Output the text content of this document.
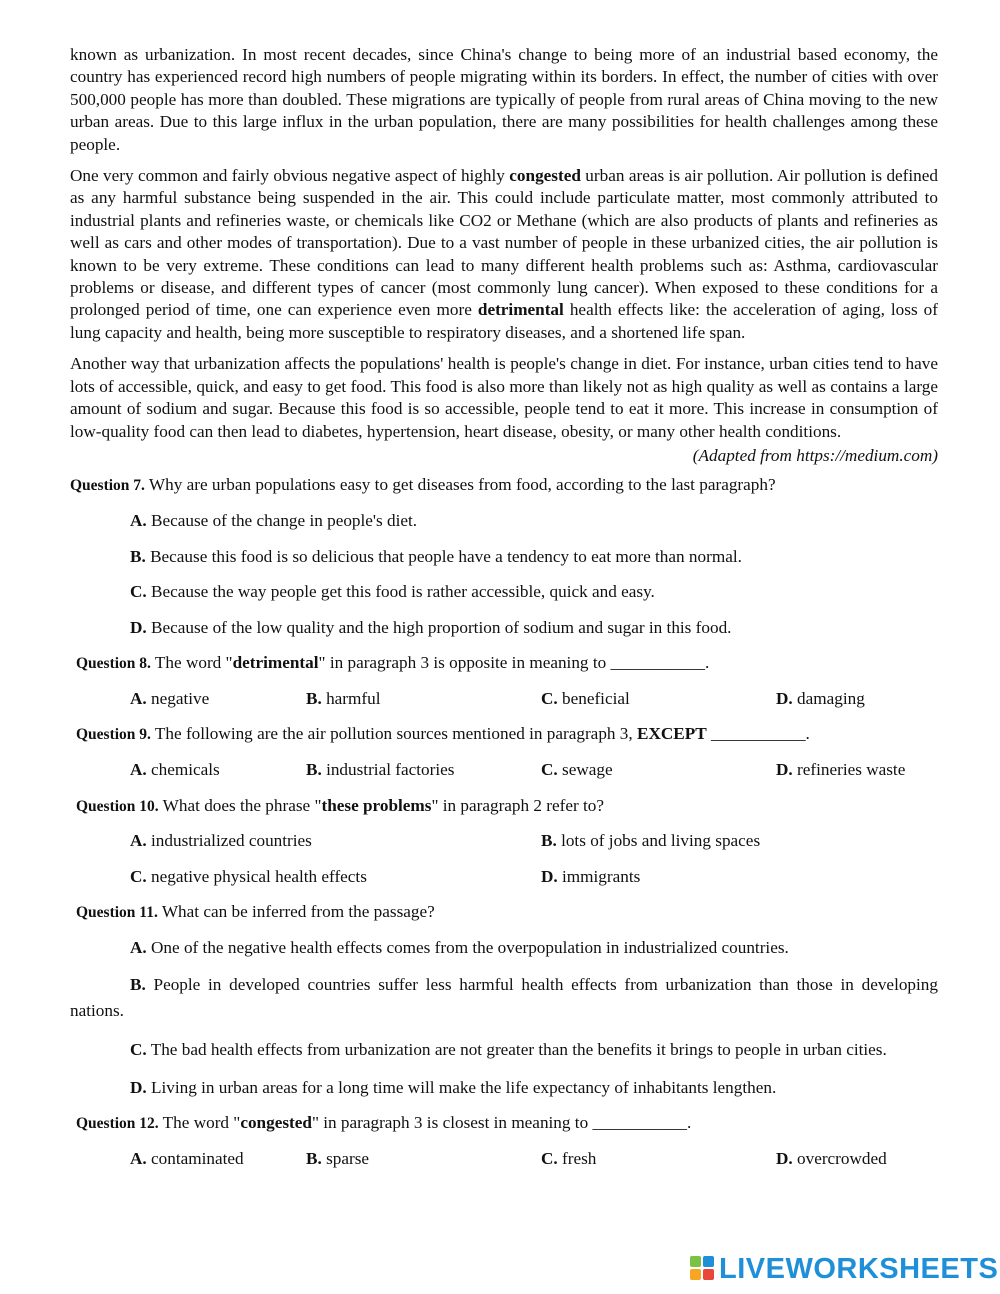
known as urbanization. In most recent decades, since China's change to being more of an industrial based economy, the country has experienced record high numbers of people migrating within its borders. In effect, the number of cities with over 500,000 people has more than doubled. These migrations are typically of people from rural areas of China moving to the new urban areas. Due to this large influx in the urban population, there are many possibilities for health challenges among these people.

One very common and fairly obvious negative aspect of highly congested urban areas is air pollution. Air pollution is defined as any harmful substance being suspended in the air. This could include particulate matter, most commonly attributed to industrial plants and refineries waste, or chemicals like CO2 or Methane (which are also products of plants and refineries as well as cars and other modes of transportation). Due to a vast number of people in these urbanized cities, the air pollution is known to be very extreme. These conditions can lead to many different health problems such as: Asthma, cardiovascular problems or disease, and different types of cancer (most commonly lung cancer). When exposed to these conditions for a prolonged period of time, one can experience even more detrimental health effects like: the acceleration of aging, loss of lung capacity and health, being more susceptible to respiratory diseases, and a shortened life span.

Another way that urbanization affects the populations' health is people's change in diet. For instance, urban cities tend to have lots of accessible, quick, and easy to get food. This food is also more than likely not as high quality as well as contains a large amount of sodium and sugar. Because this food is so accessible, people tend to eat it more. This increase in consumption of low-quality food can then lead to diabetes, hypertension, heart disease, obesity, or many other health conditions.

(Adapted from https://medium.com)

Question 7. Why are urban populations easy to get diseases from food, according to the last paragraph?
A. Because of the change in people's diet.
B. Because this food is so delicious that people have a tendency to eat more than normal.
C. Because the way people get this food is rather accessible, quick and easy.
D. Because of the low quality and the high proportion of sodium and sugar in this food.
Question 8. The word "detrimental" in paragraph 3 is opposite in meaning to ___________.
A. negative	B. harmful	C. beneficial	D. damaging
Question 9. The following are the air pollution sources mentioned in paragraph 3, EXCEPT ___________.
A. chemicals	B. industrial factories	C. sewage	D. refineries waste
Question 10. What does the phrase "these problems" in paragraph 2 refer to?
A. industrialized countries	B. lots of jobs and living spaces
C. negative physical health effects	D. immigrants
Question 11. What can be inferred from the passage?
A. One of the negative health effects comes from the overpopulation in industrialized countries.
B. People in developed countries suffer less harmful health effects from urbanization than those in developing nations.
C. The bad health effects from urbanization are not greater than the benefits it brings to people in urban cities.
D. Living in urban areas for a long time will make the life expectancy of inhabitants lengthen.
Question 12. The word "congested" in paragraph 3 is closest in meaning to ___________.
A. contaminated	B. sparse	C. fresh	D. overcrowded
LIVEWORKSHEETS
